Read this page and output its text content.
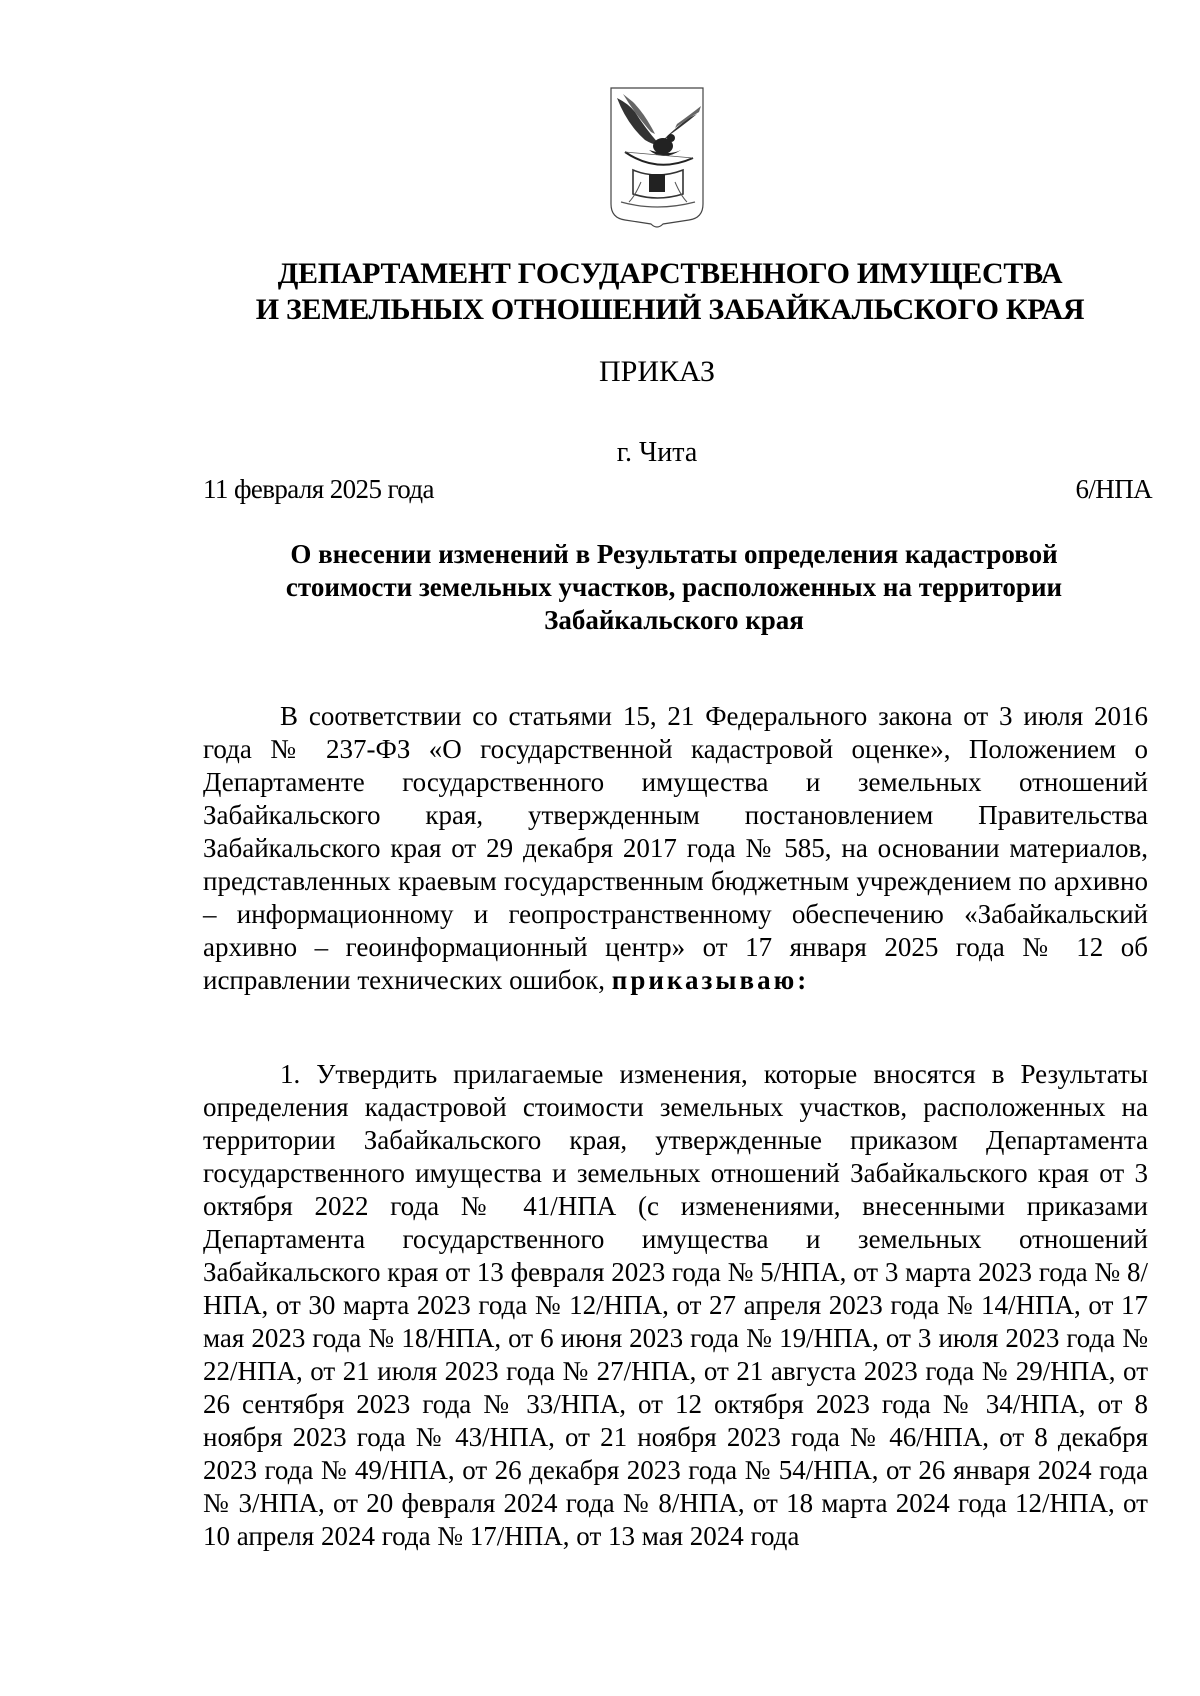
ДЕПАРТАМЕНТ ГОСУДАРСТВЕННОГО ИМУЩЕСТВА
И ЗЕМЕЛЬНЫХ ОТНОШЕНИЙ ЗАБАЙКАЛЬСКОГО КРАЯ
ПРИКАЗ
г. Чита
11 февраля 2025 года	6/НПА
О внесении изменений в Результаты определения кадастровой
стоимости земельных участков, расположенных на территории
Забайкальского края

В соответствии со статьями 15, 21 Федерального закона от 3 июля 2016 года № 237-ФЗ «О государственной кадастровой оценке», Положением о Департаменте государственного имущества и земельных отношений Забайкальского края, утвержденным постановлением Правительства Забайкальского края от 29 декабря 2017 года № 585, на основании материалов, представленных краевым государственным бюджетным учреждением по архивно – информационному и геопространственному обеспечению «Забайкальский архивно – геоинформационный центр» от 17 января 2025 года № 12 об исправлении технических ошибок, приказываю:

1. Утвердить прилагаемые изменения, которые вносятся в Результаты определения кадастровой стоимости земельных участков, расположенных на территории Забайкальского края, утвержденные приказом Департамента государственного имущества и земельных отношений Забайкальского края от 3 октября 2022 года № 41/НПА (с изменениями, внесенными приказами Департамента государственного имущества и земельных отношений Забайкальского края от 13 февраля 2023 года № 5/НПА, от 3 марта 2023 года № 8/НПА, от 30 марта 2023 года № 12/НПА, от 27 апреля 2023 года № 14/НПА, от 17 мая 2023 года № 18/НПА, от 6 июня 2023 года № 19/НПА, от 3 июля 2023 года № 22/НПА, от 21 июля 2023 года № 27/НПА, от 21 августа 2023 года № 29/НПА, от 26 сентября 2023 года № 33/НПА, от 12 октября 2023 года № 34/НПА, от 8 ноября 2023 года № 43/НПА, от 21 ноября 2023 года № 46/НПА, от 8 декабря 2023 года № 49/НПА, от 26 декабря 2023 года № 54/НПА, от 26 января 2024 года № 3/НПА, от 20 февраля 2024 года № 8/НПА, от 18 марта 2024 года 12/НПА, от 10 апреля 2024 года № 17/НПА, от 13 мая 2024 года
